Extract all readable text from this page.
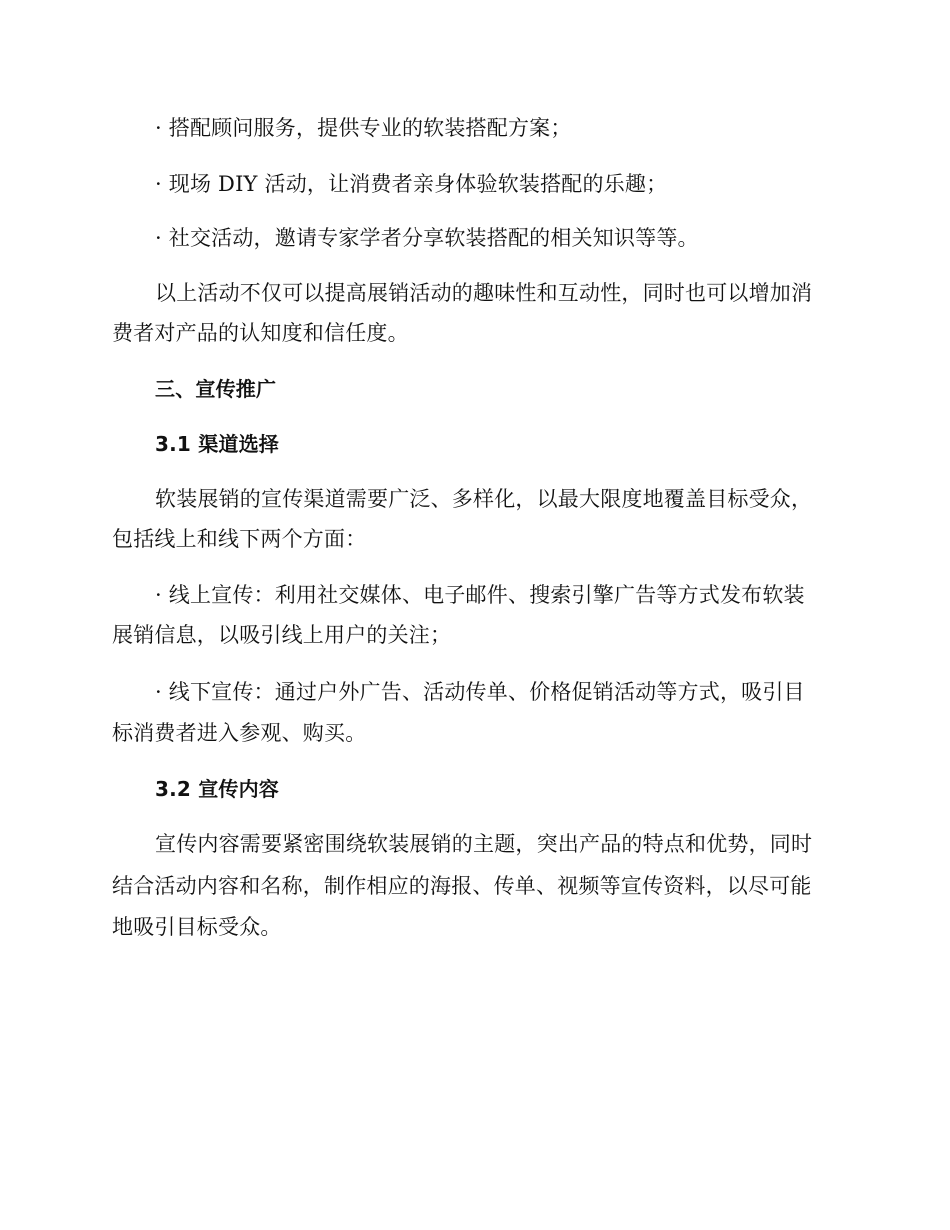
· 搭配顾问服务，提供专业的软装搭配方案；
· 现场 DIY 活动，让消费者亲身体验软装搭配的乐趣；
· 社交活动，邀请专家学者分享软装搭配的相关知识等等。
以上活动不仅可以提高展销活动的趣味性和互动性，同时也可以增加消
费者对产品的认知度和信任度。
三、宣传推广
3.1 渠道选择
软装展销的宣传渠道需要广泛、多样化，以最大限度地覆盖目标受众，
包括线上和线下两个方面：
· 线上宣传：利用社交媒体、电子邮件、搜索引擎广告等方式发布软装
展销信息，以吸引线上用户的关注；
· 线下宣传：通过户外广告、活动传单、价格促销活动等方式，吸引目
标消费者进入参观、购买。
3.2 宣传内容
宣传内容需要紧密围绕软装展销的主题，突出产品的特点和优势，同时
结合活动内容和名称，制作相应的海报、传单、视频等宣传资料，以尽可能
地吸引目标受众。
